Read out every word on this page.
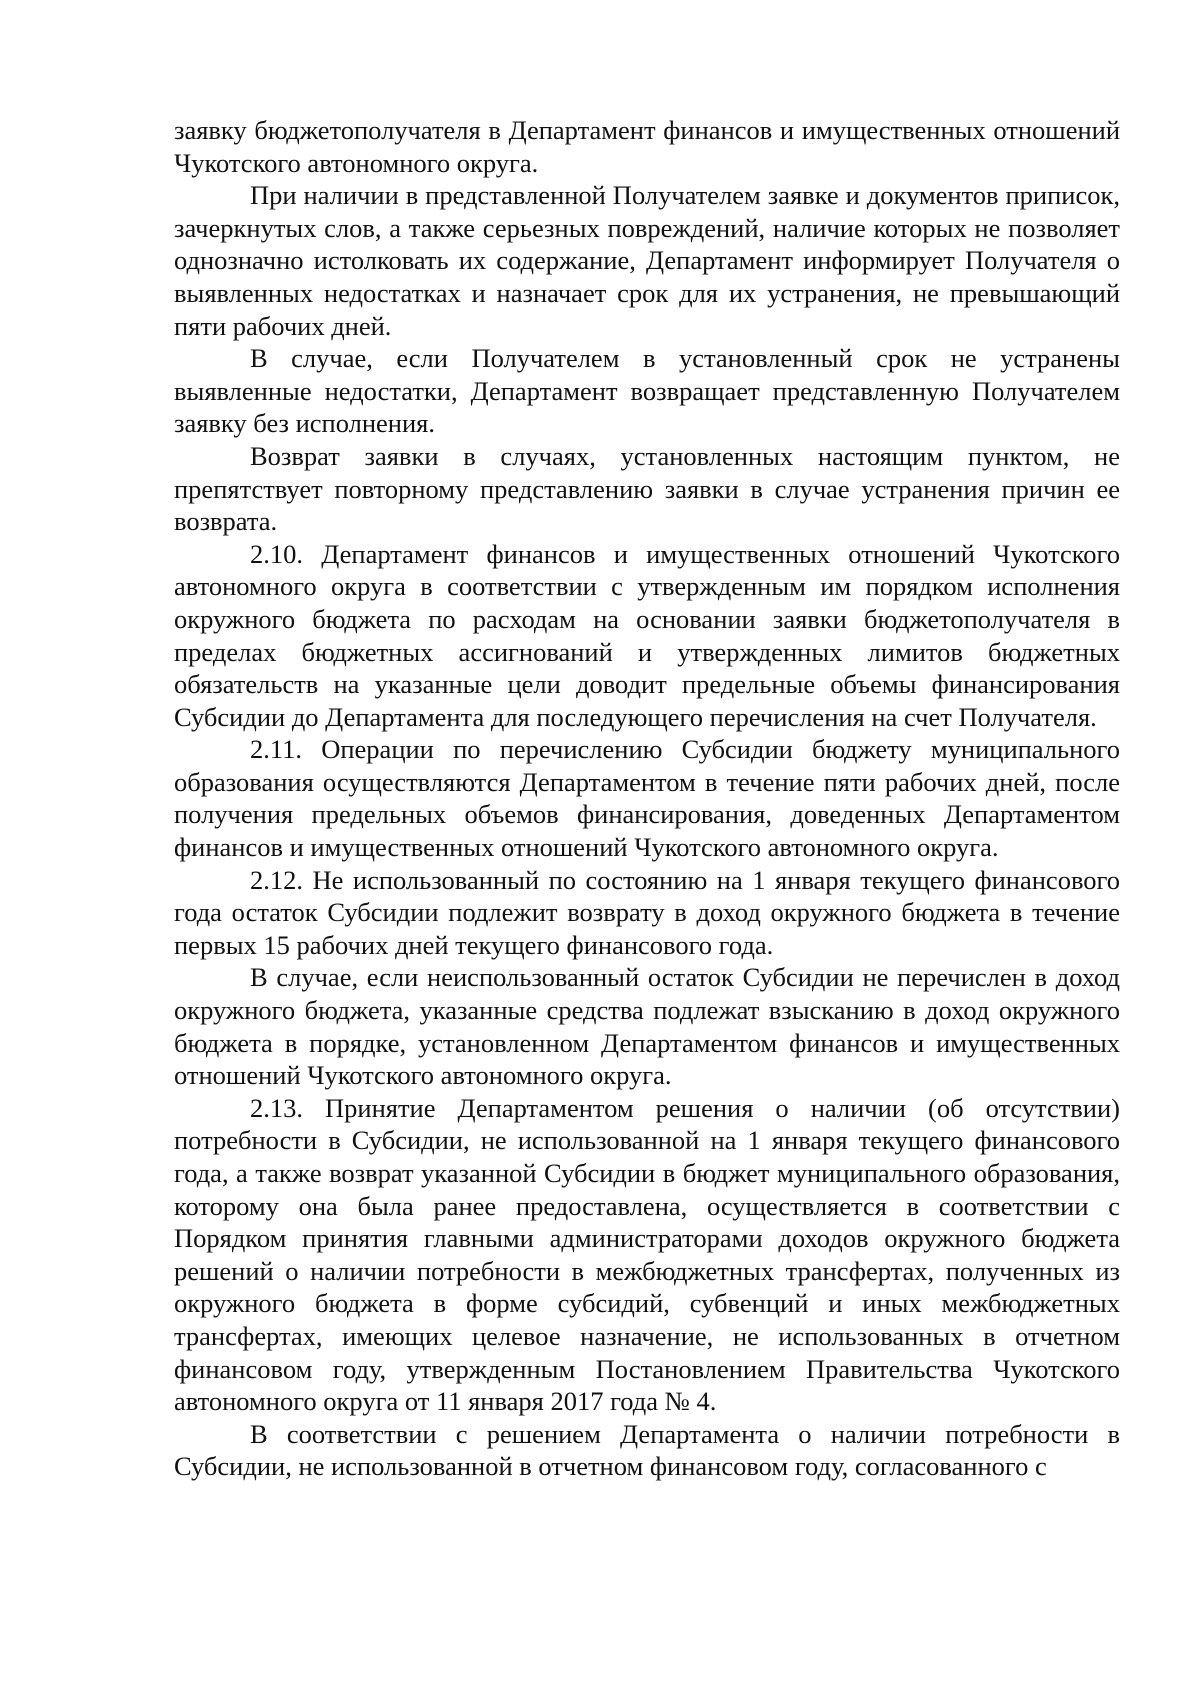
заявку бюджетополучателя в Департамент финансов и имущественных отношений Чукотского автономного округа.

При наличии в представленной Получателем заявке и документов приписок, зачеркнутых слов, а также серьезных повреждений, наличие которых не позволяет однозначно истолковать их содержание, Департамент информирует Получателя о выявленных недостатках и назначает срок для их устранения, не превышающий пяти рабочих дней.

В случае, если Получателем в установленный срок не устранены выявленные недостатки, Департамент возвращает представленную Получателем заявку без исполнения.

Возврат заявки в случаях, установленных настоящим пунктом, не препятствует повторному представлению заявки в случае устранения причин ее возврата.

2.10. Департамент финансов и имущественных отношений Чукотского автономного округа в соответствии с утвержденным им порядком исполнения окружного бюджета по расходам на основании заявки бюджетополучателя в пределах бюджетных ассигнований и утвержденных лимитов бюджетных обязательств на указанные цели доводит предельные объемы финансирования Субсидии до Департамента для последующего перечисления на счет Получателя.

2.11. Операции по перечислению Субсидии бюджету муниципального образования осуществляются Департаментом в течение пяти рабочих дней, после получения предельных объемов финансирования, доведенных Департаментом финансов и имущественных отношений Чукотского автономного округа.

2.12. Не использованный по состоянию на 1 января текущего финансового года остаток Субсидии подлежит возврату в доход окружного бюджета в течение первых 15 рабочих дней текущего финансового года.

В случае, если неиспользованный остаток Субсидии не перечислен в доход окружного бюджета, указанные средства подлежат взысканию в доход окружного бюджета в порядке, установленном Департаментом финансов и имущественных отношений Чукотского автономного округа.

2.13. Принятие Департаментом решения о наличии (об отсутствии) потребности в Субсидии, не использованной на 1 января текущего финансового года, а также возврат указанной Субсидии в бюджет муниципального образования, которому она была ранее предоставлена, осуществляется в соответствии с Порядком принятия главными администраторами доходов окружного бюджета решений о наличии потребности в межбюджетных трансфертах, полученных из окружного бюджета в форме субсидий, субвенций и иных межбюджетных трансфертах, имеющих целевое назначение, не использованных в отчетном финансовом году, утвержденным Постановлением Правительства Чукотского автономного округа от 11 января 2017 года № 4.

В соответствии с решением Департамента о наличии потребности в Субсидии, не использованной в отчетном финансовом году, согласованного с
